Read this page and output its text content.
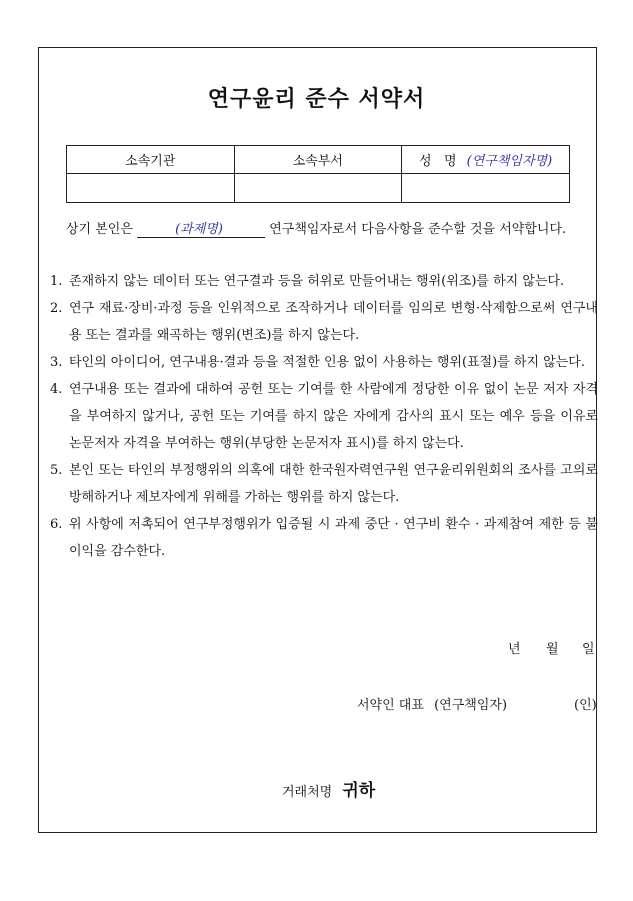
연구윤리 준수 서약서
소속기관	소속부서	성   명 (연구책임자명)

상기 본인은	(과제명)	연구책임자로서 다음사항을 준수할 것을 서약합니다.
1. 존재하지 않는 데이터 또는 연구결과 등을 허위로 만들어내는 행위(위조)를 하지 않는다.
2. 연구 재료·장비·과정 등을 인위적으로 조작하거나 데이터를 임의로 변형·삭제함으로써 연구내용 또는 결과를 왜곡하는 행위(변조)를 하지 않는다.
3. 타인의 아이디어, 연구내용·결과 등을 적절한 인용 없이 사용하는 행위(표절)를 하지 않는다.
4. 연구내용 또는 결과에 대하여 공헌 또는 기여를 한 사람에게 정당한 이유 없이 논문 저자 자격을 부여하지 않거나, 공헌 또는 기여를 하지 않은 자에게 감사의 표시 또는 예우 등을 이유로 논문저자 자격을 부여하는 행위(부당한 논문저자 표시)를 하지 않는다.
5. 본인 또는 타인의 부정행위의 의혹에 대한 한국원자력연구원 연구윤리위원회의 조사를 고의로 방해하거나 제보자에게 위해를 가하는 행위를 하지 않는다.
6. 위 사항에 저촉되어 연구부정행위가 입증될 시 과제 중단 · 연구비 환수 · 과제참여 제한 등 불이익을 감수한다.
년 월 일
서약인 대표 (연구책임자)	(인)
거래처명 귀하
